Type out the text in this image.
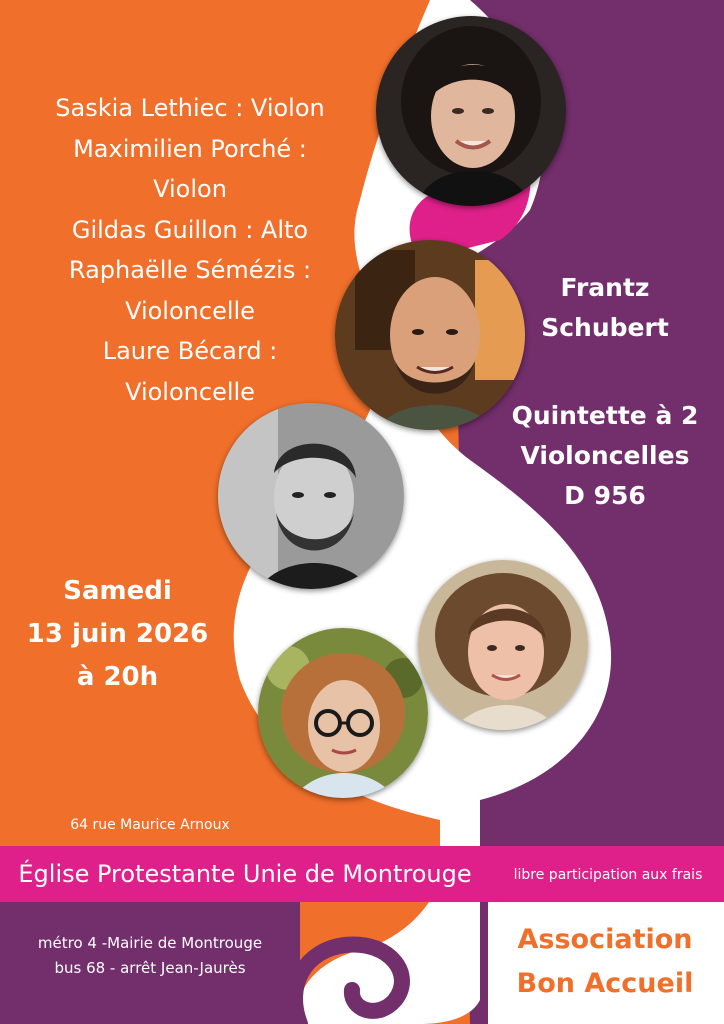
Saskia Lethiec : Violon
Maximilien Porché :
Violon
Gildas Guillon : Alto
Raphaëlle Sémézis :
Violoncelle
Laure Bécard :
Violoncelle
Frantz
Schubert
Quintette à 2
Violoncelles
D 956
Samedi
13 juin 2026
à 20h
64 rue Maurice Arnoux
Église Protestante Unie de Montrouge	libre participation aux frais
métro 4 -Mairie de Montrouge
bus 68 - arrêt Jean-Jaurès
Association
Bon Accueil
